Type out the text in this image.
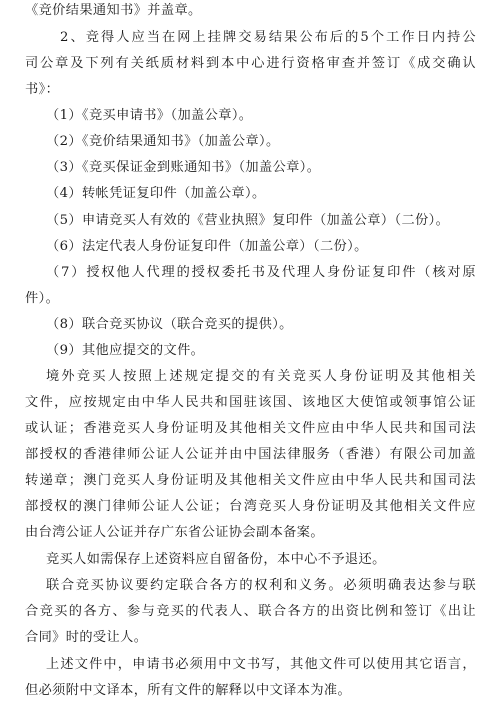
《竞价结果通知书》并盖章。
2、竞得人应当在网上挂牌交易结果公布后的5个工作日内持公
司公章及下列有关纸质材料到本中心进行资格审查并签订《成交确认
书》：
（1）《竞买申请书》（加盖公章）。
（2）《竞价结果通知书》（加盖公章）。
（3）《竞买保证金到账通知书》（加盖公章）。
（4）转帐凭证复印件（加盖公章）。
（5）申请竞买人有效的《营业执照》复印件（加盖公章）（二份）。
（6）法定代表人身份证复印件（加盖公章）（二份）。
（7）授权他人代理的授权委托书及代理人身份证复印件（核对原
件）。
（8）联合竞买协议（联合竞买的提供）。
（9）其他应提交的文件。
境外竞买人按照上述规定提交的有关竞买人身份证明及其他相关
文件，应按规定由中华人民共和国驻该国、该地区大使馆或领事馆公证
或认证；香港竞买人身份证明及其他相关文件应由中华人民共和国司法
部授权的香港律师公证人公证并由中国法律服务（香港）有限公司加盖
转递章；澳门竞买人身份证明及其他相关文件应由中华人民共和国司法
部授权的澳门律师公证人公证；台湾竞买人身份证明及其他相关文件应
由台湾公证人公证并存广东省公证协会副本备案。
竞买人如需保存上述资料应自留备份，本中心不予退还。
联合竞买协议要约定联合各方的权利和义务。必须明确表达参与联
合竞买的各方、参与竞买的代表人、联合各方的出资比例和签订《出让
合同》时的受让人。
上述文件中，申请书必须用中文书写，其他文件可以使用其它语言，
但必须附中文译本，所有文件的解释以中文译本为准。
